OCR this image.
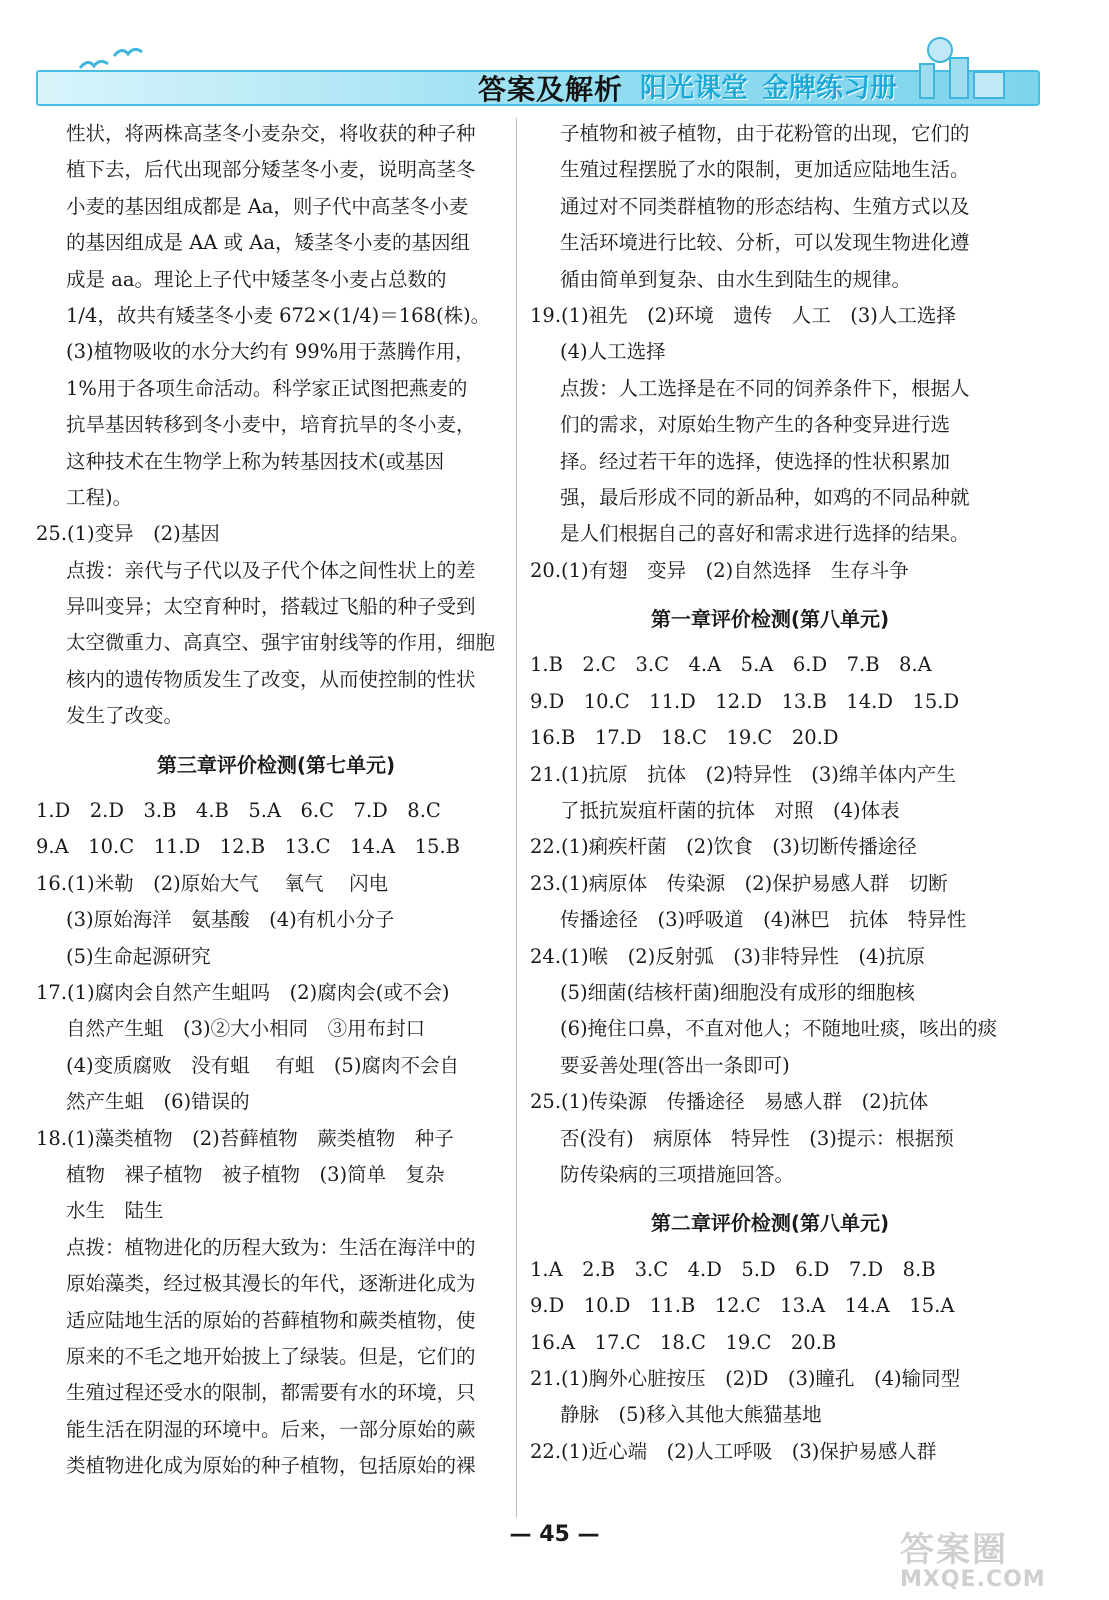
答案及解析 阳光课堂 金牌练习册
性状，将两株高茎冬小麦杂交，将收获的种子种
植下去，后代出现部分矮茎冬小麦，说明高茎冬
小麦的基因组成都是 Aa，则子代中高茎冬小麦
的基因组成是 AA 或 Aa，矮茎冬小麦的基因组
成是 aa。理论上子代中矮茎冬小麦占总数的
1/4，故共有矮茎冬小麦 672×(1/4)＝168(株)。
(3)植物吸收的水分大约有 99%用于蒸腾作用，
1%用于各项生命活动。科学家正试图把燕麦的
抗旱基因转移到冬小麦中，培育抗旱的冬小麦，
这种技术在生物学上称为转基因技术(或基因
工程)。
25.(1)变异　(2)基因
点拨：亲代与子代以及子代个体之间性状上的差
异叫变异；太空育种时，搭载过飞船的种子受到
太空微重力、高真空、强宇宙射线等的作用，细胞
核内的遗传物质发生了改变，从而使控制的性状
发生了改变。
第三章评价检测(第七单元)
1.D　2.D　3.B　4.B　5.A　6.C　7.D　8.C
9.A　10.C　11.D　12.B　13.C　14.A　15.B
16.(1)米勒　(2)原始大气　 氧气　 闪电
(3)原始海洋　氨基酸　(4)有机小分子
(5)生命起源研究
17.(1)腐肉会自然产生蛆吗　(2)腐肉会(或不会)
自然产生蛆　(3)②大小相同　③用布封口
(4)变质腐败　没有蛆　 有蛆　(5)腐肉不会自
然产生蛆　(6)错误的
18.(1)藻类植物　(2)苔藓植物　蕨类植物　种子
植物　裸子植物　被子植物　(3)简单　复杂
水生　陆生
点拨：植物进化的历程大致为：生活在海洋中的
原始藻类，经过极其漫长的年代，逐渐进化成为
适应陆地生活的原始的苔藓植物和蕨类植物，使
原来的不毛之地开始披上了绿装。但是，它们的
生殖过程还受水的限制，都需要有水的环境，只
能生活在阴湿的环境中。后来，一部分原始的蕨
类植物进化成为原始的种子植物，包括原始的裸
子植物和被子植物，由于花粉管的出现，它们的
生殖过程摆脱了水的限制，更加适应陆地生活。
通过对不同类群植物的形态结构、生殖方式以及
生活环境进行比较、分析，可以发现生物进化遵
循由简单到复杂、由水生到陆生的规律。
19.(1)祖先　(2)环境　遗传　人工　(3)人工选择
(4)人工选择
点拨：人工选择是在不同的饲养条件下，根据人
们的需求，对原始生物产生的各种变异进行选
择。经过若干年的选择，使选择的性状积累加
强，最后形成不同的新品种，如鸡的不同品种就
是人们根据自己的喜好和需求进行选择的结果。
20.(1)有翅　变异　(2)自然选择　生存斗争
第一章评价检测(第八单元)
1.B　2.C　3.C　4.A　5.A　6.D　7.B　8.A
9.D　10.C　11.D　12.D　13.B　14.D　15.D
16.B　17.D　18.C　19.C　20.D
21.(1)抗原　抗体　(2)特异性　(3)绵羊体内产生
了抵抗炭疽杆菌的抗体　对照　(4)体表
22.(1)痢疾杆菌　(2)饮食　(3)切断传播途径
23.(1)病原体　传染源　(2)保护易感人群　切断
传播途径　(3)呼吸道　(4)淋巴　抗体　特异性
24.(1)喉　(2)反射弧　(3)非特异性　(4)抗原
(5)细菌(结核杆菌)细胞没有成形的细胞核
(6)掩住口鼻，不直对他人；不随地吐痰，咳出的痰
要妥善处理(答出一条即可)
25.(1)传染源　传播途径　易感人群　(2)抗体
否(没有)　病原体　特异性　(3)提示：根据预
防传染病的三项措施回答。
第二章评价检测(第八单元)
1.A　2.B　3.C　4.D　5.D　6.D　7.D　8.B
9.D　10.D　11.B　12.C　13.A　14.A　15.A
16.A　17.C　18.C　19.C　20.B
21.(1)胸外心脏按压　(2)D　(3)瞳孔　(4)输同型
静脉　(5)移入其他大熊猫基地
22.(1)近心端　(2)人工呼吸　(3)保护易感人群
— 45 —	答案圈
MXQE.COM
